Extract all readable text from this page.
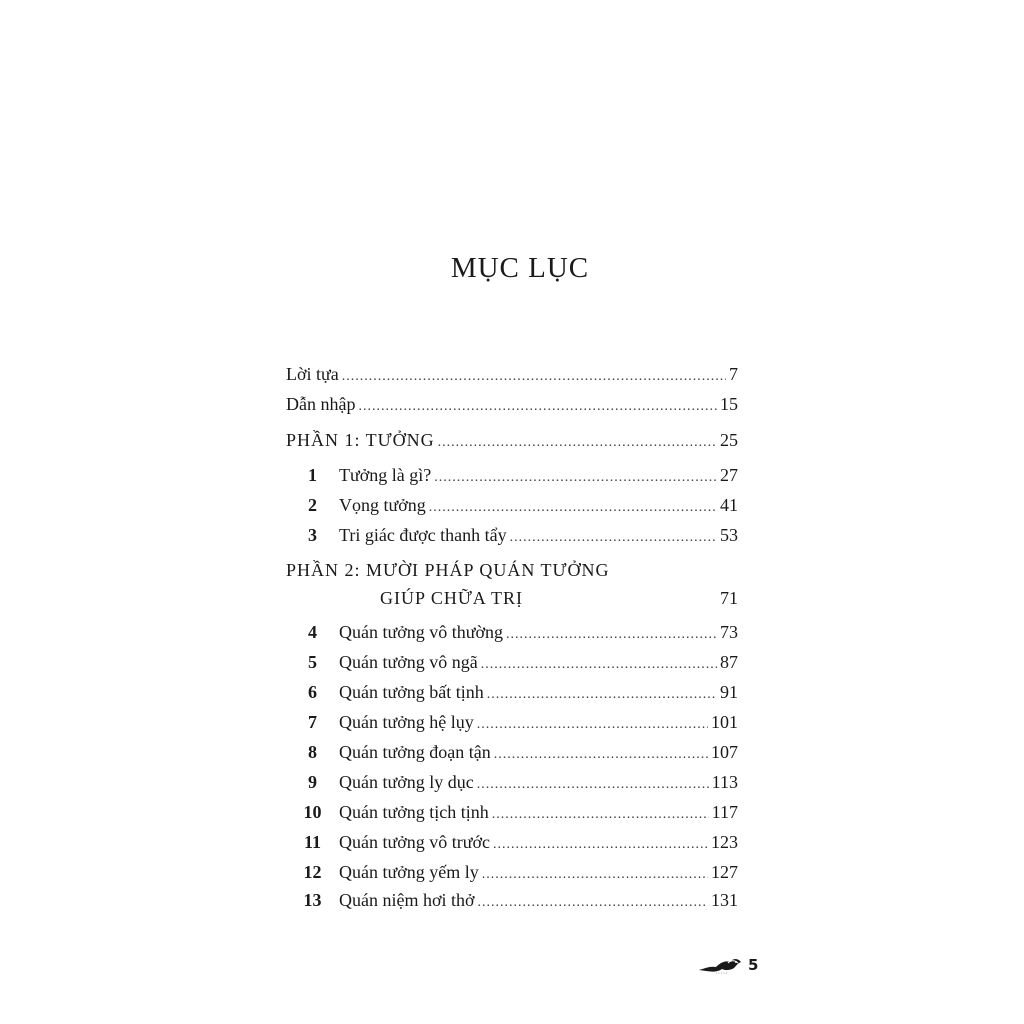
MỤC LỤC
Lời tựa .....	7
Dẫn nhập .....	15
PHẦN 1: TƯỞNG .....	25
1	Tưởng là gì? .....	27
2	Vọng tưởng .....	41
3	Tri giác được thanh tẩy .....	53
PHẦN 2: MƯỜI PHÁP QUÁN TƯỞNG
GIÚP CHỮA TRỊ	71
4	Quán tưởng vô thường .....	73
5	Quán tưởng vô ngã .....	87
6	Quán tưởng bất tịnh .....	91
7	Quán tưởng hệ lụy .....	101
8	Quán tưởng đoạn tận .....	107
9	Quán tưởng ly dục .....	113
10 Quán tưởng tịch tịnh .....	117
11	Quán tưởng vô trước .....	123
12 Quán tưởng yếm ly .....	127
13 Quán niệm hơi thở .....	131
5
